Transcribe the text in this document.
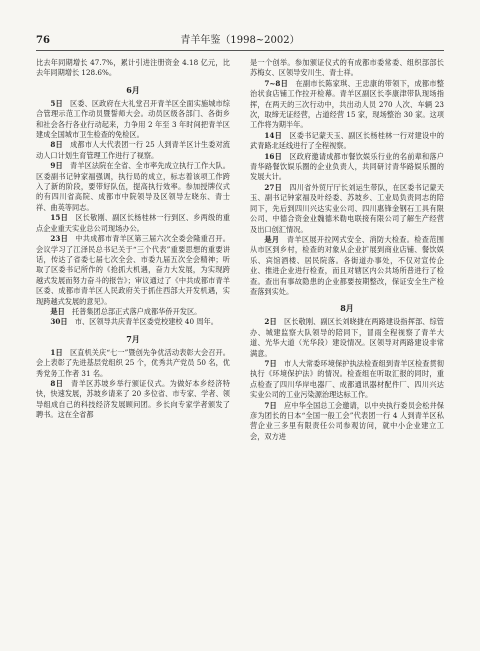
76	青羊年鉴（1998~2002）

比去年同期增长 47.7%，累计引进注册资金 4.18 亿元，比去年同期增长 128.6%。

6月

5日　 区委、区政府在大礼堂召开青羊区全面实施城市综合管理示范工作动员暨誓师大会。动员区级各部门、各街乡和社会各行各业行动起来，力争用 2 年至 3 年时间把青羊区建成全国城市卫生检查的免检区。

8日　 成都市人大代表团一行 25 人到青羊区计生委对流动人口计划生育管理工作进行了视察。

9日　 青羊区法院在全省、全市率先成立执行工作大队。区委副书记钟家福强调，执行局的成立，标志着该项工作跨入了新的阶段，要带好队伍，提高执行效率。参加授牌仪式的有四川省高院、成都市中院领导及区领导左晓东、青士祥、曲英等同志。

15日　 区长敬刚、副区长杨桂林一行到区、乡两级的重点企业重天实业总公司现场办公。

23日　 中共成都市青羊区第三届六次全委会隆重召开。会议学习了江泽民总书记关于“三个代表”重要思想的重要讲话，传达了省委七届七次全会、市委九届五次全会精神；听取了区委书记所作的《抢抓大机遇，奋力大发展，为实现跨越式发展而努力奋斗的报告》；审议通过了《中共成都市青羊区委、成都市青羊区人民政府关于抓住西部大开发机遇，实现跨越式发展的意见》。

是日　 托普集团总部正式落户成都华侨开发区。

30日　 市、区领导共庆青羊区委党校建校 40 周年。

7月

1日　 区直机关庆“七一”暨创先争优活动表彰大会召开。会上表彰了先进基层党组织 25 个，优秀共产党员 50 名，优秀党务工作者 31 名。

8日　 青羊区苏坡乡举行颁证仪式。为做好本乡经济特快，快速发展，苏坡乡请来了 20 多位省、市专家、学者、领导组成自己的科技经济发展顾问团。乡长向专家学者颁发了聘书。这在全省都

是一个创举。参加颁证仪式的有成都市委常委、组织部部长苏梅女、区领导安川生、青士祥。

7~8日　 在副市长陈家琪、王忠康的带领下，成都市整治状食店铺工作拉开检幕。青羊区副区长李康津带队现场指挥，在两天的三次行动中，共出动人员 270 人次、车辆 23 次，取缔无证经营，占道经营 15 家，现场整治 30 家。这项工作将为期半年。

14日　 区委书记蒙天玉、副区长杨桂林一行对建设中的武青路北延线进行了全程视察。

16日　 区政府邀请成都市餐饮娱乐行业的名前辈和落户青华路餐饮娱乐圈的企业负责人，共同研讨青华路娱乐圈的发展大计。

27日　 四川省外贸厅厅长刘运生带队，在区委书记蒙天玉、副书记钟家福及叶经委、苏坡乡、工业局负责同志的陪同下，先后到四川兴达实业公司、四川惠锋金钢石工具有限公司、中德合资金业魏德米勒电联接有限公司了解生产经营及出口创汇情况。

是月　 青羊区展开拉网式安全、消防大检查。检查范围从市区到乡村，检查的对象从企业扩展到商业店铺、餐饮娱乐、宾馆酒楼、居民院落。各街道办事处，不仅对宣传企业、推进企业进行检查，而且对辖区内公共场所普进行了检查。查出有事故隐患的企业都要按期整改，保证安全生产检查落到实处。

8月

2日　 区长敬刚、副区长刘晓捷在两路建设指挥部、综管办、城建监察大队领导的陪同下，冒雨全程视察了青羊大道、光华大道（光华段）建设情况。区领导对两路建设非常满意。

7日　 市人大常委环境保护执法检查组到青羊区检查贯彻执行《环境保护法》的情况。检查组在听取汇报的同时，重点检查了四川华岸电器厂、成都通讯器材配件厂、四川兴达实业公司的工业污染源治理达标工作。

7日　 应中华全国总工会邀请，以中央执行委员会松井保彦为团长的日本“全国一般工会”代表团一行 4 人到青羊区私营企业三多里有限责任公司参观访问，就中小企业建立工会，双方进
